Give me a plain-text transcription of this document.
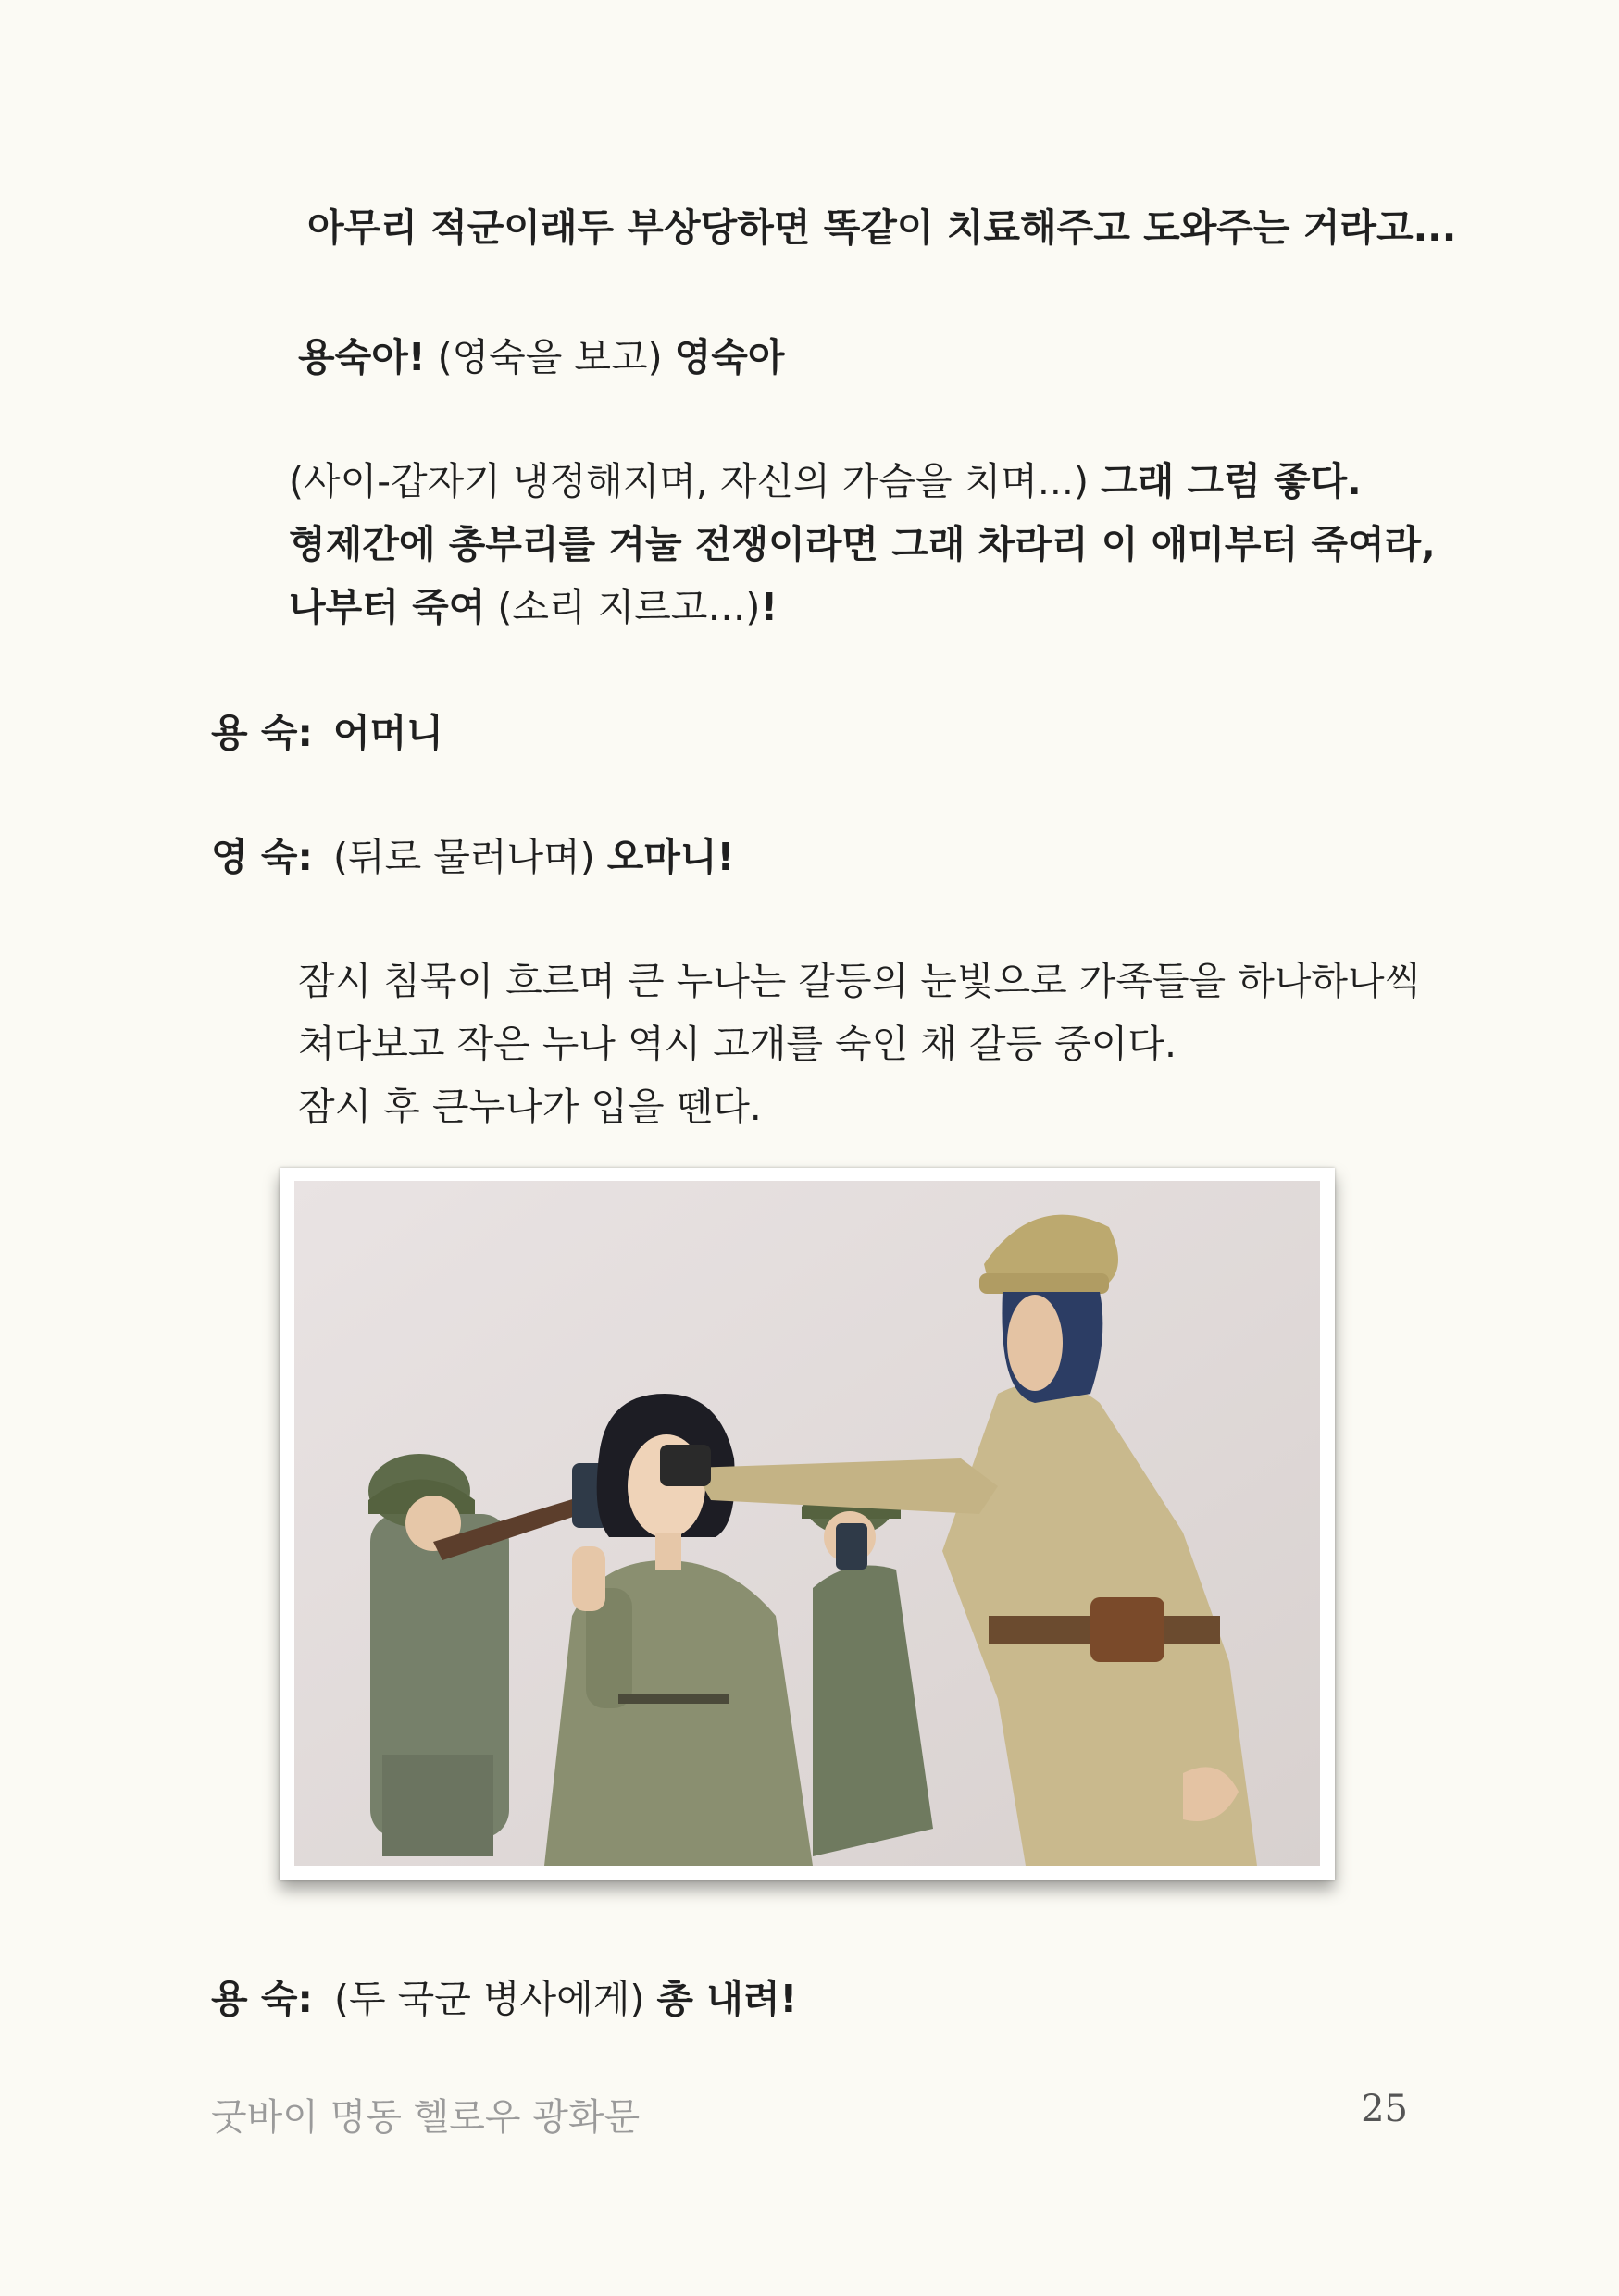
아무리 적군이래두 부상당하면 똑같이 치료해주고 도와주는 거라고...
용숙아! (영숙을 보고) 영숙아
(사이-갑자기 냉정해지며, 자신의 가슴을 치며...) 그래 그럼 좋다.
형제간에 총부리를 겨눌 전쟁이라면 그래 차라리 이 애미부터 죽여라,
나부터 죽여 (소리 지르고…)!
용 숙: 어머니
영 숙: (뒤로 물러나며) 오마니!
잠시 침묵이 흐르며 큰 누나는 갈등의 눈빛으로 가족들을 하나하나씩
쳐다보고 작은 누나 역시 고개를 숙인 채 갈등 중이다.
잠시 후 큰누나가 입을 뗀다.
용 숙: (두 국군 병사에게) 총 내려!
굿바이 명동 헬로우 광화문	25
